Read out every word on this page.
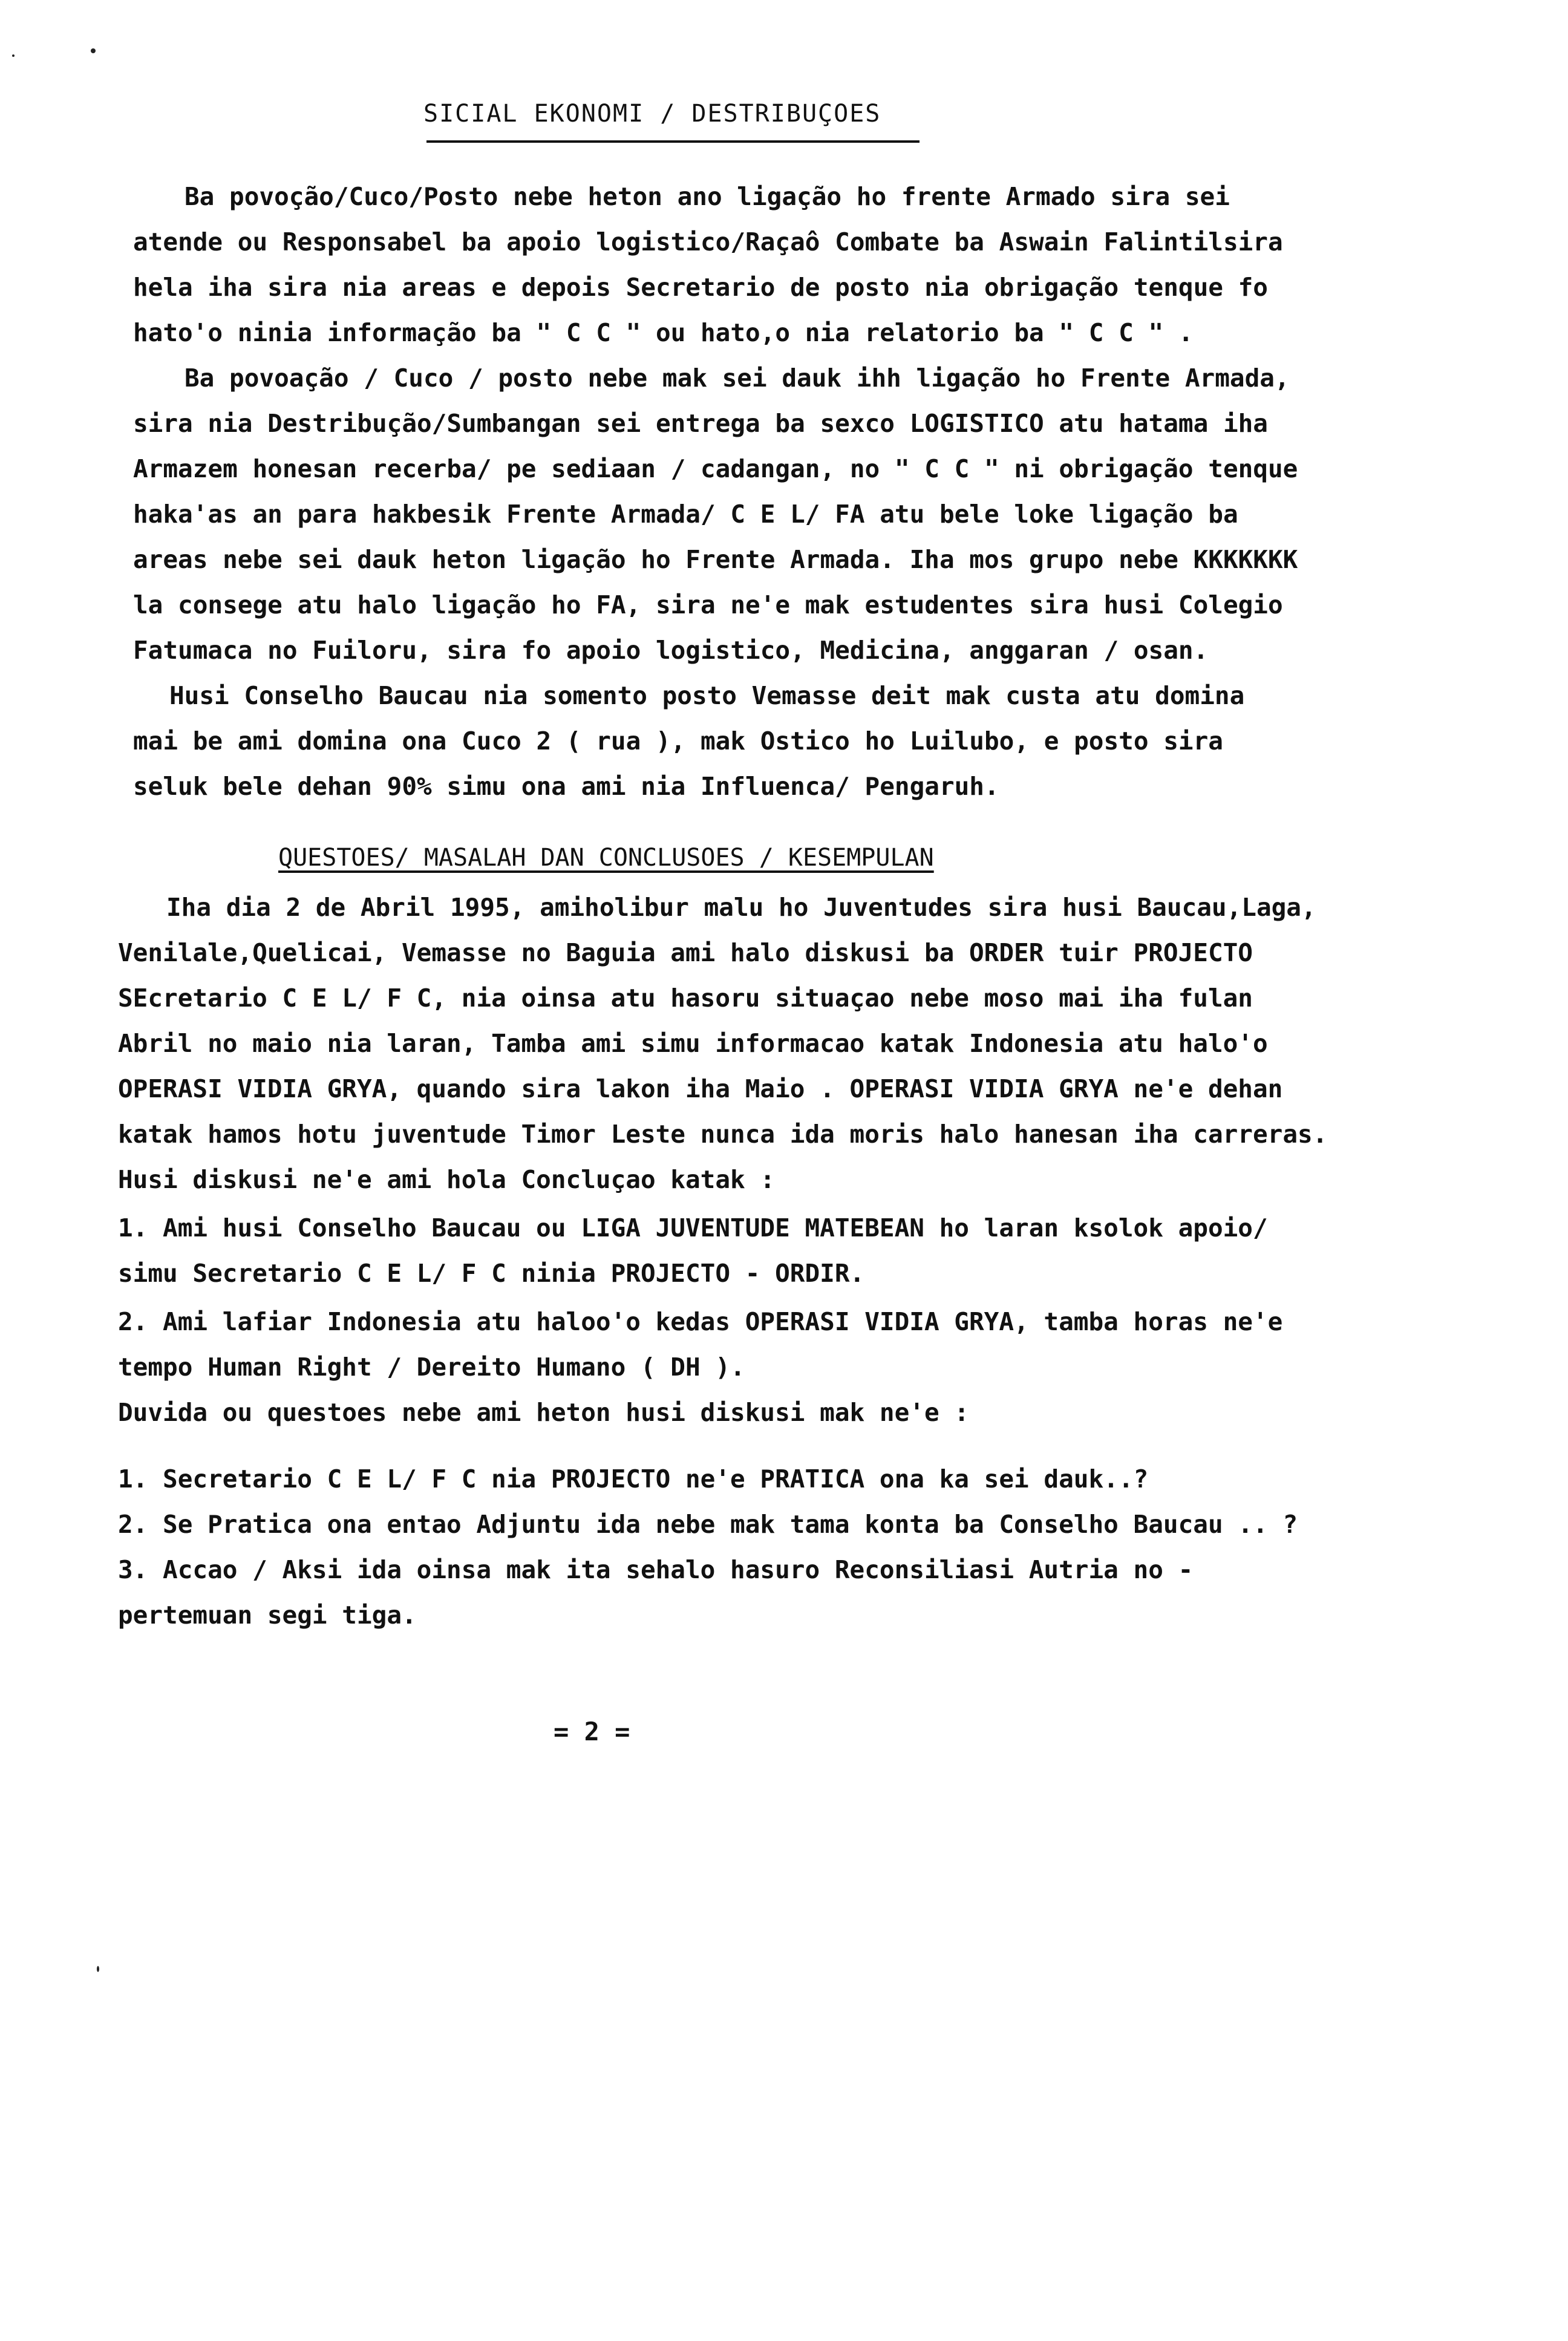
SICIAL EKONOMI / DESTRIBUÇOES
Ba povoção/Cuco/Posto nebe heton ano ligação ho frente Armado sira sei
atende ou Responsabel ba apoio logistico/Raçaô Combate ba Aswain Falintilsira
hela iha sira nia areas e depois Secretario de posto nia obrigação tenque fo
hato'o ninia informação ba " C C " ou hato,o nia relatorio ba " C C " .
Ba povoação / Cuco / posto nebe mak sei dauk ihh ligação ho Frente Armada,
sira nia Destribução/Sumbangan sei entrega ba sexco LOGISTICO atu hatama iha
Armazem honesan recerba/ pe sediaan / cadangan, no " C C " ni obrigação tenque
haka'as an para hakbesik Frente Armada/ C E L/ FA atu bele loke ligação ba
areas nebe sei dauk heton ligação ho Frente Armada. Iha mos grupo nebe KKKKKKK
la consege atu halo ligação ho FA, sira ne'e mak estudentes sira husi Colegio
Fatumaca no Fuiloru, sira fo apoio logistico, Medicina, anggaran / osan.
Husi Conselho Baucau nia somento posto Vemasse deit mak custa atu domina
mai be ami domina ona Cuco 2 ( rua ), mak Ostico ho Luilubo, e posto sira
seluk bele dehan 90% simu ona ami nia Influenca/ Pengaruh.
QUESTOES/ MASALAH DAN CONCLUSOES / KESEMPULAN
Iha dia 2 de Abril 1995, amiholibur malu ho Juventudes sira husi Baucau,Laga,
Venilale,Quelicai, Vemasse no Baguia ami halo diskusi ba ORDER tuir PROJECTO
SEcretario C E L/ F C, nia oinsa atu hasoru situaçao nebe moso mai iha fulan
Abril no maio nia laran, Tamba ami simu informacao katak Indonesia atu halo'o
OPERASI VIDIA GRYA, quando sira lakon iha Maio . OPERASI VIDIA GRYA ne'e dehan
katak hamos hotu juventude Timor Leste nunca ida moris halo hanesan iha carreras.
Husi diskusi ne'e ami hola Concluçao katak :
1. Ami husi Conselho Baucau ou LIGA JUVENTUDE MATEBEAN ho laran ksolok apoio/
simu Secretario C E L/ F C ninia PROJECTO - ORDIR.
2. Ami lafiar Indonesia atu haloo'o kedas OPERASI VIDIA GRYA, tamba horas ne'e
tempo Human Right / Dereito Humano ( DH ).
Duvida ou questoes nebe ami heton husi diskusi mak ne'e :
1. Secretario C E L/ F C nia PROJECTO ne'e PRATICA ona ka sei dauk..?
2. Se Pratica ona entao Adjuntu ida nebe mak tama konta ba Conselho Baucau .. ?
3. Accao / Aksi ida oinsa mak ita sehalo hasuro Reconsiliasi Autria no -
pertemuan segi tiga.
= 2 =
